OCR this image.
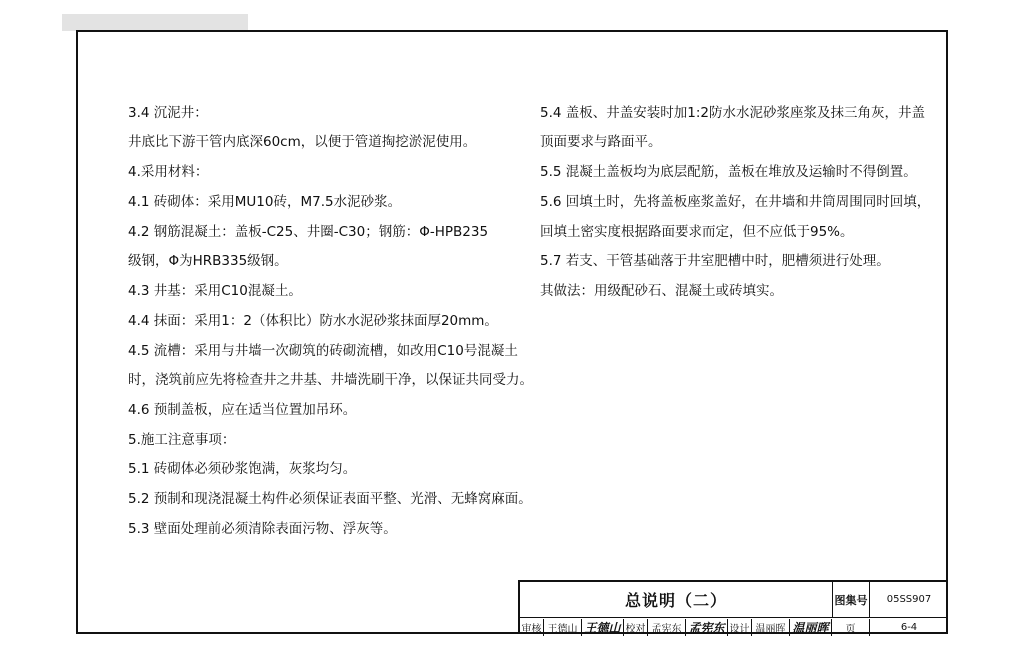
3.4 沉泥井：
井底比下游干管内底深60cm，以便于管道掏挖淤泥使用。
4.采用材料：
4.1 砖砌体：采用MU10砖，M7.5水泥砂浆。
4.2 钢筋混凝土：盖板-C25、井圈-C30；钢筋：Φ-HPB235
级钢，Φ为HRB335级钢。
4.3 井基：采用C10混凝土。
4.4 抹面：采用1：2（体积比）防水水泥砂浆抹面厚20mm。
4.5 流槽：采用与井墙一次砌筑的砖砌流槽，如改用C10号混凝土
时，浇筑前应先将检查井之井基、井墙洗刷干净，以保证共同受力。
4.6 预制盖板，应在适当位置加吊环。
5.施工注意事项：
5.1 砖砌体必须砂浆饱满，灰浆均匀。
5.2 预制和现浇混凝土构件必须保证表面平整、光滑、无蜂窝麻面。
5.3 壁面处理前必须清除表面污物、浮灰等。
5.4 盖板、井盖安装时加1:2防水水泥砂浆座浆及抹三角灰，井盖
顶面要求与路面平。
5.5 混凝土盖板均为底层配筋，盖板在堆放及运输时不得倒置。
5.6 回填土时，先将盖板座浆盖好，在井墙和井筒周围同时回填，
回填土密实度根据路面要求而定，但不应低于95%。
5.7 若支、干管基础落于井室肥槽中时，肥槽须进行处理。
其做法：用级配砂石、混凝土或砖填实。
总说明（二）	图集号	05SS907
审核 王德山 王德山 校对 孟宪东 孟宪东 设计 温丽晖 温丽晖	页	6-4
